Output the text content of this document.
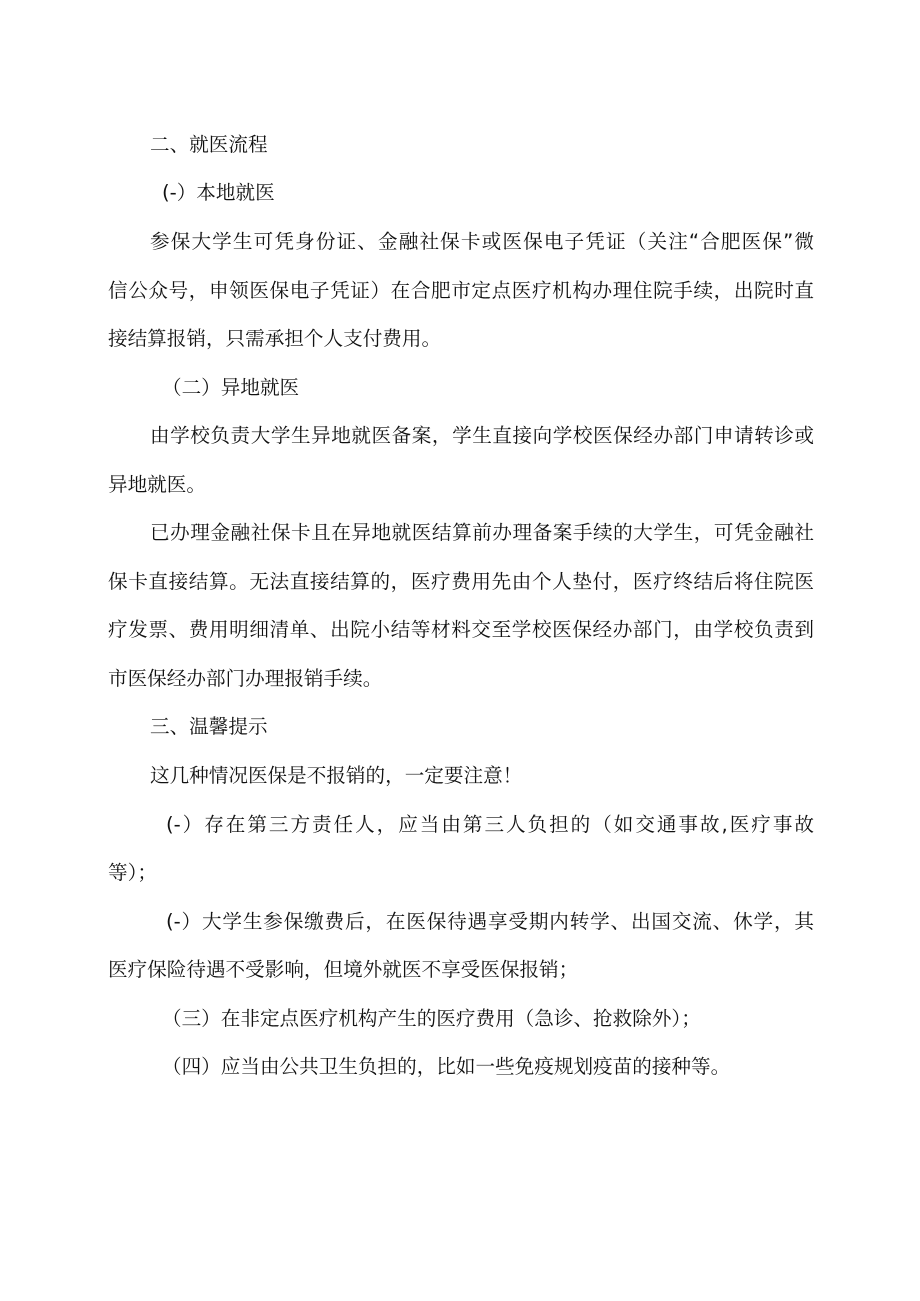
二、就医流程
(-）本地就医
参保大学生可凭身份证、金融社保卡或医保电子凭证（关注“合肥医保”微
信公众号，申领医保电子凭证）在合肥市定点医疗机构办理住院手续，出院时直
接结算报销，只需承担个人支付费用。
（二）异地就医
由学校负责大学生异地就医备案，学生直接向学校医保经办部门申请转诊或
异地就医。
已办理金融社保卡且在异地就医结算前办理备案手续的大学生，可凭金融社
保卡直接结算。无法直接结算的，医疗费用先由个人垫付，医疗终结后将住院医
疗发票、费用明细清单、出院小结等材料交至学校医保经办部门，由学校负责到
市医保经办部门办理报销手续。
三、温馨提示
这几种情况医保是不报销的，一定要注意！
(-）存在第三方责任人，应当由第三人负担的（如交通事故,医疗事故
等）；
(-）大学生参保缴费后，在医保待遇享受期内转学、出国交流、休学，其
医疗保险待遇不受影响，但境外就医不享受医保报销；
（三）在非定点医疗机构产生的医疗费用（急诊、抢救除外）；
（四）应当由公共卫生负担的，比如一些免疫规划疫苗的接种等。
